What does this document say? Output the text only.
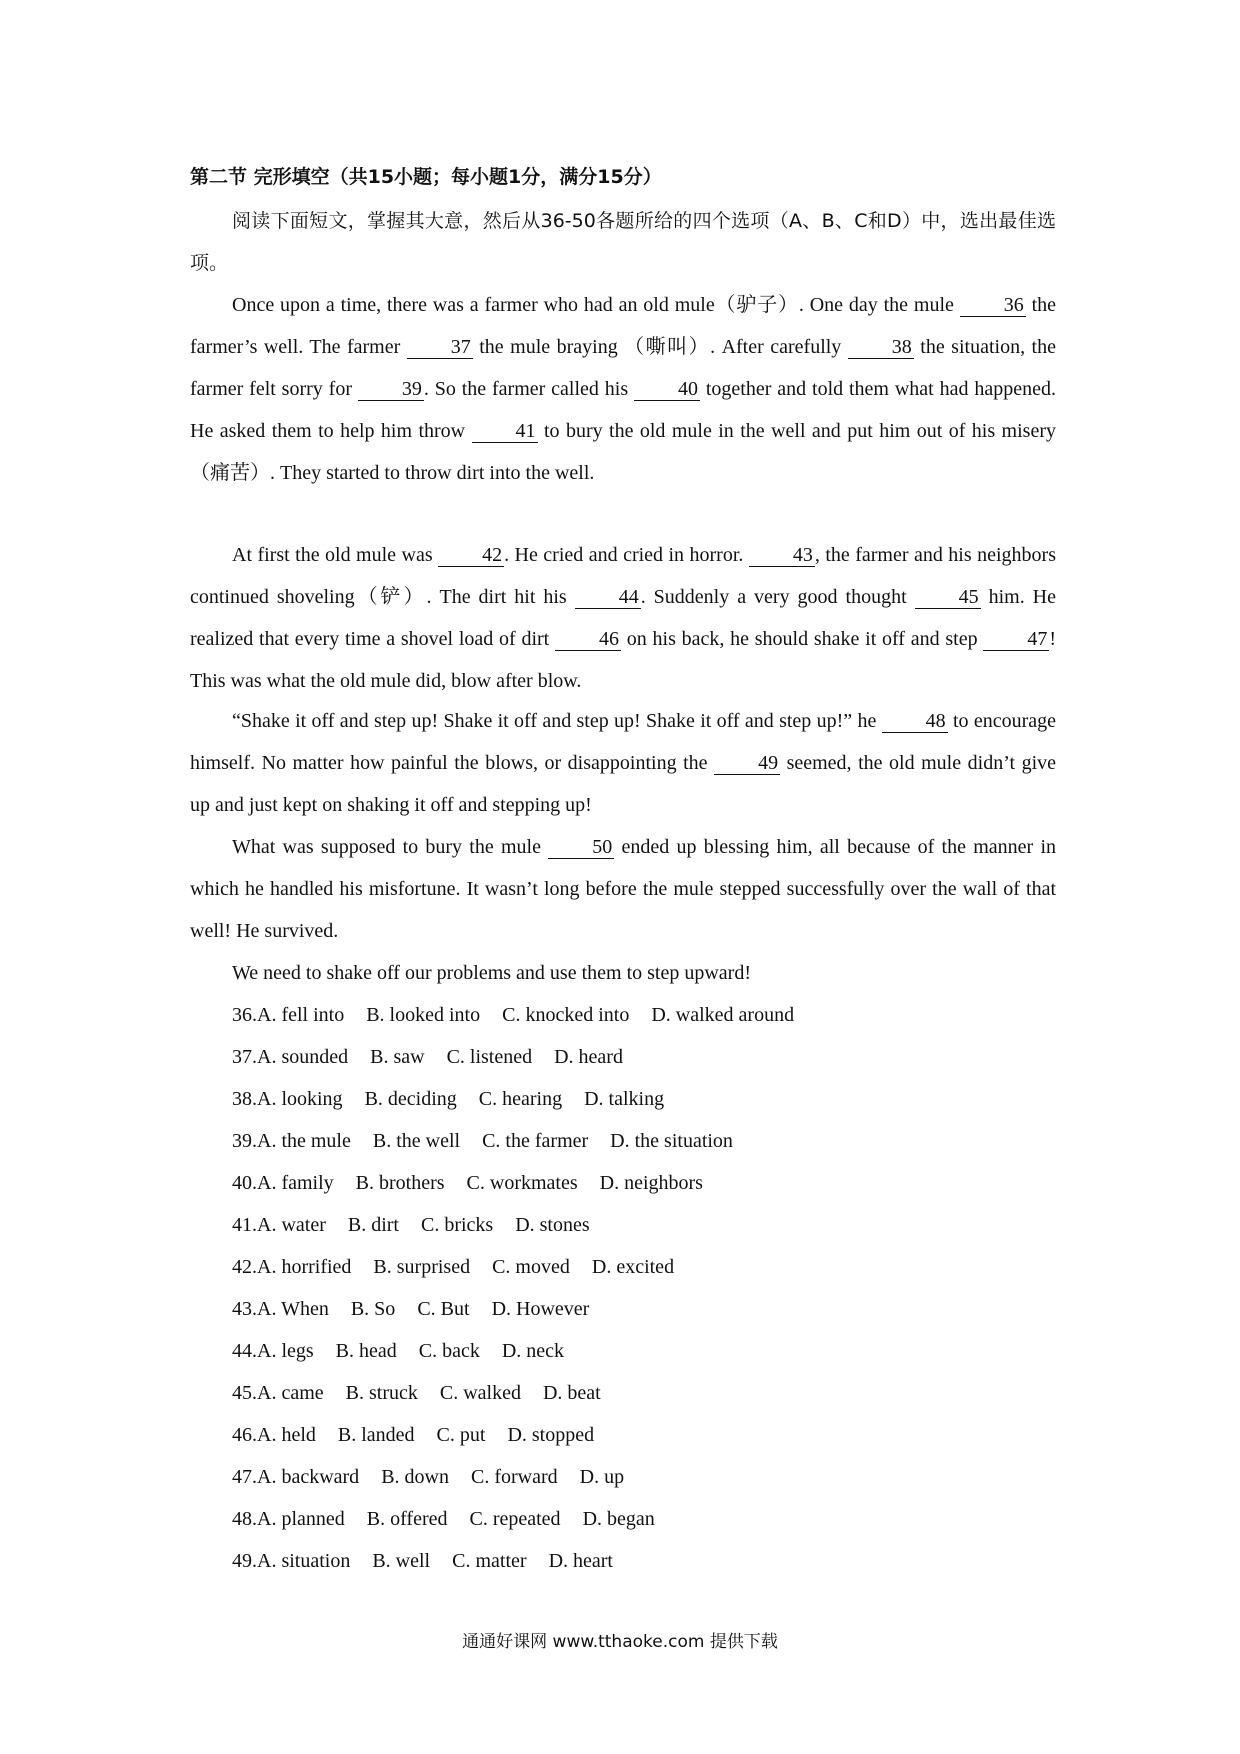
第二节 完形填空（共15小题；每小题1分，满分15分）
阅读下面短文，掌握其大意，然后从36-50各题所给的四个选项（A、B、C和D）中，选出最佳选项。
Once upon a time, there was a farmer who had an old mule（驴子）. One day the mule 36 the farmer’s well. The farmer 37 the mule braying （嘶叫）. After carefully 38 the situation, the farmer felt sorry for 39 . So the farmer called his 40 together and told them what had happened. He asked them to help him throw 41 to bury the old mule in the well and put him out of his misery（痛苦）. They started to throw dirt into the well.
At first the old mule was 42 . He cried and cried in horror. 43 , the farmer and his neighbors continued shoveling（铲）. The dirt hit his 44 . Suddenly a very good thought 45 him. He realized that every time a shovel load of dirt 46 on his back, he should shake it off and step 47 ! This was what the old mule did, blow after blow.
“Shake it off and step up! Shake it off and step up! Shake it off and step up!” he 48 to encourage himself. No matter how painful the blows, or disappointing the 49 seemed, the old mule didn’t give up and just kept on shaking it off and stepping up!
What was supposed to bury the mule 50 ended up blessing him, all because of the manner in which he handled his misfortune. It wasn’t long before the mule stepped successfully over the wall of that well! He survived.
We need to shake off our problems and use them to step upward!
36.A. fell into B. looked into C. knocked into D. walked around
37.A. sounded B. saw C. listened D. heard
38.A. looking B. deciding C. hearing D. talking
39.A. the mule B. the well C. the farmer D. the situation
40.A. family B. brothers C. workmates D. neighbors
41.A. water B. dirt C. bricks D. stones
42.A. horrified B. surprised C. moved D. excited
43.A. When B. So C. But D. However
44.A. legs B. head C. back D. neck
45.A. came B. struck C. walked D. beat
46.A. held B. landed C. put D. stopped
47.A. backward B. down C. forward D. up
48.A. planned B. offered C. repeated D. began
49.A. situation B. well C. matter D. heart
通通好课网 www.tthaoke.com 提供下载
